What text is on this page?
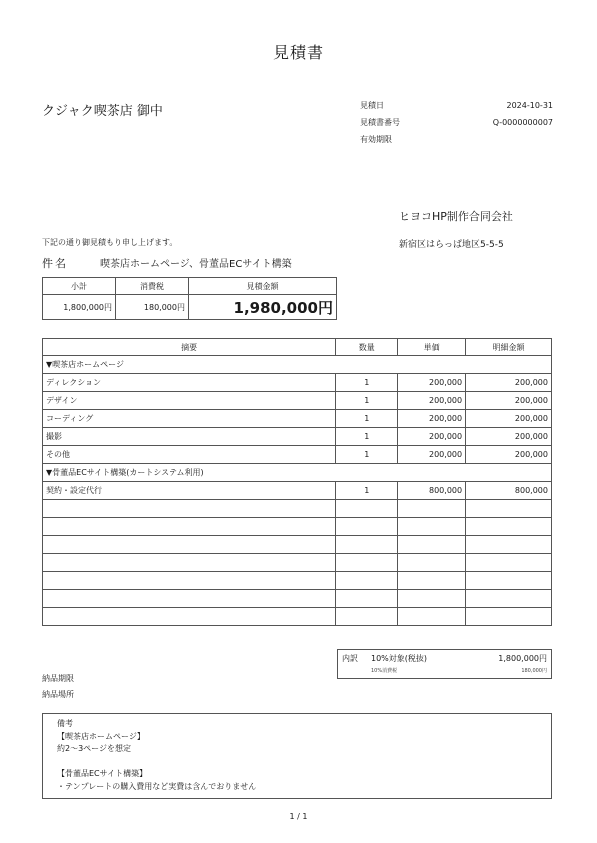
見積書
クジャク喫茶店 御中	見積日	2024-10-31
見積書番号	Q-0000000007
有効期限
ヒヨコHP制作合同会社
新宿区はらっぱ地区5-5-5
下記の通り御見積もり申し上げます。
件名	喫茶店ホームページ、骨董品ECサイト構築
小計	消費税	見積金額
1,800,000円	180,000円	1,980,000円
摘要	数量	単価	明細金額
▼喫茶店ホームページ			
ディレクション	1	200,000	200,000
デザイン	1	200,000	200,000
コーディング	1	200,000	200,000
撮影	1	200,000	200,000
その他	1	200,000	200,000
▼骨董品ECサイト構築(カートシステム利用)			
契約・設定代行	1	800,000	800,000

内訳	10%対象(税抜)	1,800,000円
10%消費税	180,000円
納品期限
納品場所
備考
【喫茶店ホームページ】
約2～3ページを想定
【骨董品ECサイト構築】
・テンプレートの購入費用など実費は含んでおりません
1 / 1
